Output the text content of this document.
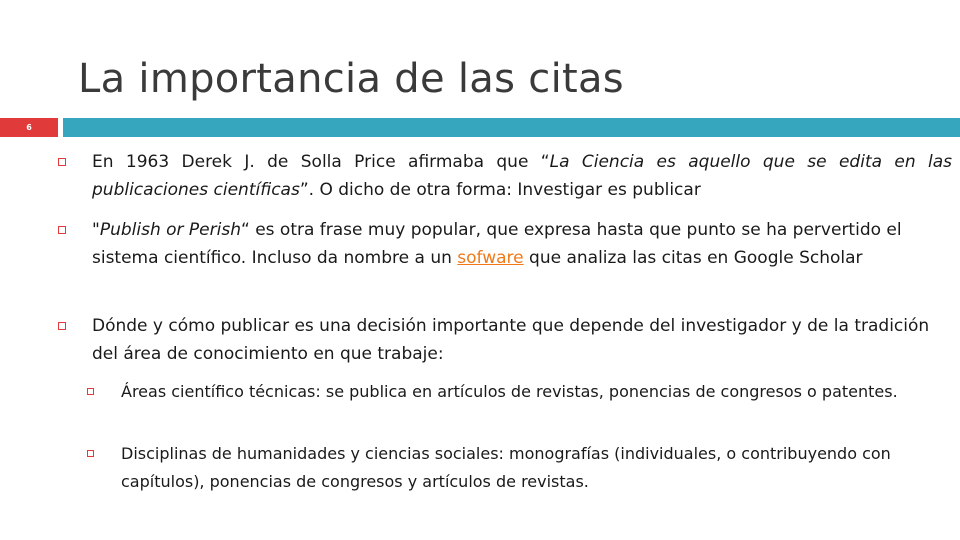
La importancia de las citas
6
En 1963 Derek J. de Solla Price afirmaba que “La Ciencia es aquello que se edita en las publicaciones científicas”. O dicho de otra forma: Investigar es publicar
"Publish or Perish“ es otra frase muy popular, que expresa hasta que punto se ha pervertido el sistema científico. Incluso da nombre a un sofware que analiza las citas en Google Scholar
Dónde y cómo publicar es una decisión importante que depende del investigador y de la tradición del área de conocimiento en que trabaje:
Áreas científico técnicas: se publica en artículos de revistas, ponencias de congresos o patentes.
Disciplinas de humanidades y ciencias sociales: monografías (individuales, o contribuyendo con capítulos), ponencias de congresos y artículos de revistas.
